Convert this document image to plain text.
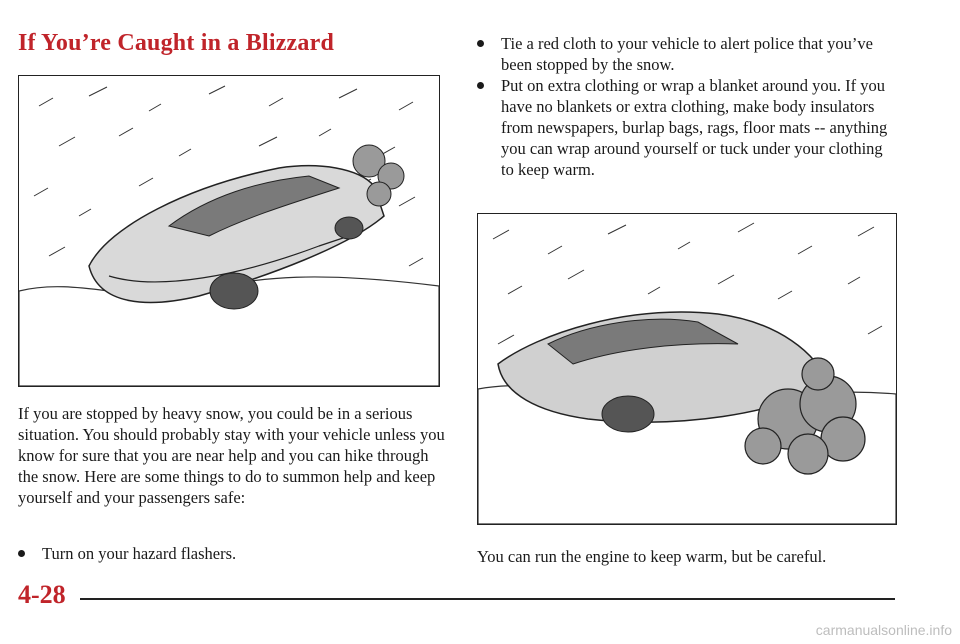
If You’re Caught in a Blizzard

If you are stopped by heavy snow, you could be in a serious situation. You should probably stay with your vehicle unless you know for sure that you are near help and you can hike through the snow. Here are some things to do to summon help and keep yourself and your passengers safe:

Turn on your hazard flashers.
Tie a red cloth to your vehicle to alert police that you’ve been stopped by the snow.
Put on extra clothing or wrap a blanket around you. If you have no blankets or extra clothing, make body insulators from newspapers, burlap bags, rags, floor mats -- anything you can wrap around yourself or tuck under your clothing to keep warm.
You can run the engine to keep warm, but be careful.
4-28
carmanualsonline.info
